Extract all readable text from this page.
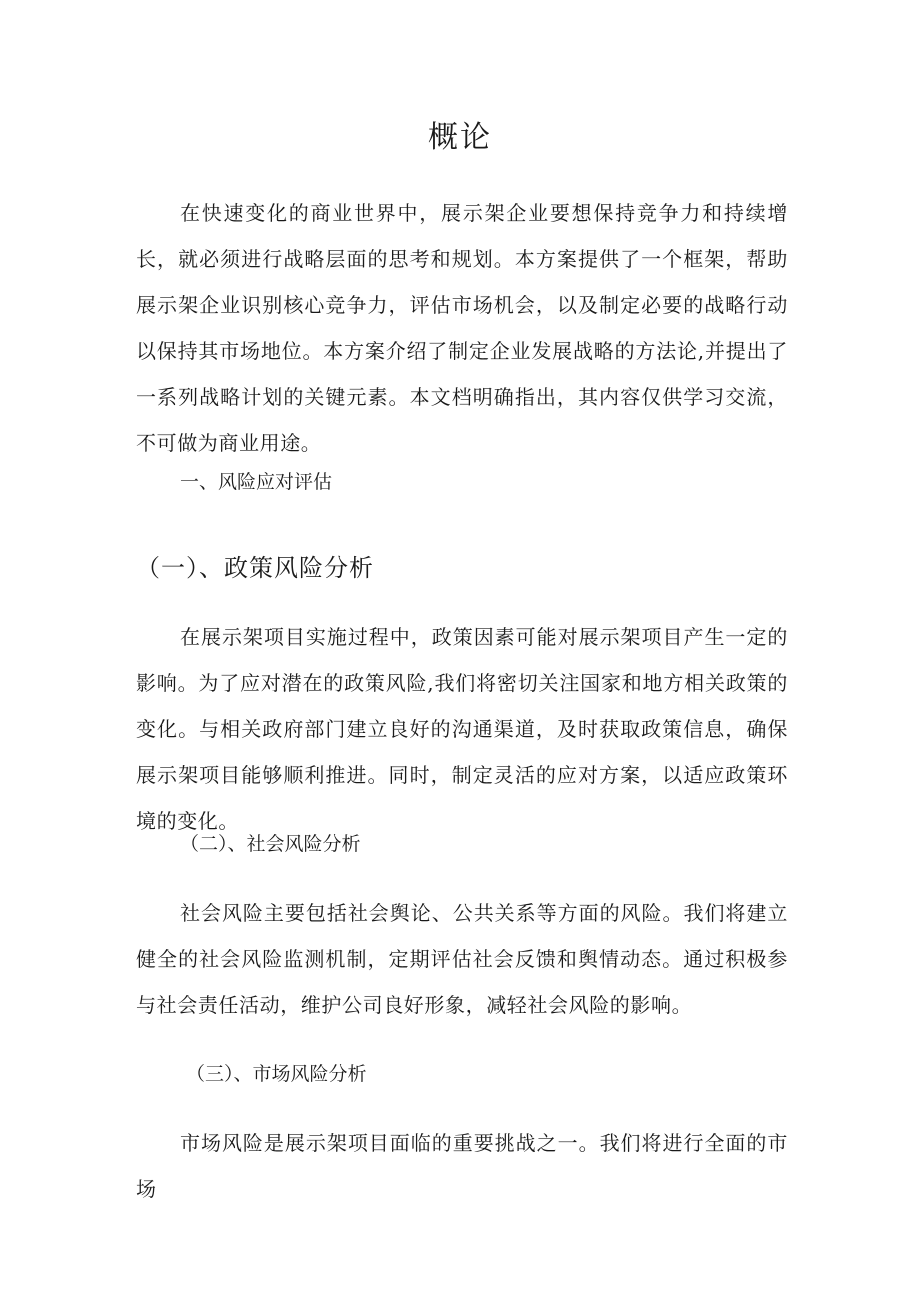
概论

在快速变化的商业世界中，展示架企业要想保持竞争力和持续增长，就必须进行战略层面的思考和规划。本方案提供了一个框架，帮助展示架企业识别核心竞争力，评估市场机会，以及制定必要的战略行动以保持其市场地位。本方案介绍了制定企业发展战略的方法论,并提出了一系列战略计划的关键元素。本文档明确指出，其内容仅供学习交流，不可做为商业用途。

一、风险应对评估
（一）、政策风险分析

在展示架项目实施过程中，政策因素可能对展示架项目产生一定的影响。为了应对潜在的政策风险,我们将密切关注国家和地方相关政策的变化。与相关政府部门建立良好的沟通渠道，及时获取政策信息，确保展示架项目能够顺利推进。同时，制定灵活的应对方案，以适应政策环境的变化。

（二）、社会风险分析

社会风险主要包括社会舆论、公共关系等方面的风险。我们将建立健全的社会风险监测机制，定期评估社会反馈和舆情动态。通过积极参与社会责任活动，维护公司良好形象，减轻社会风险的影响。

（三）、市场风险分析

市场风险是展示架项目面临的重要挑战之一。我们将进行全面的市场
